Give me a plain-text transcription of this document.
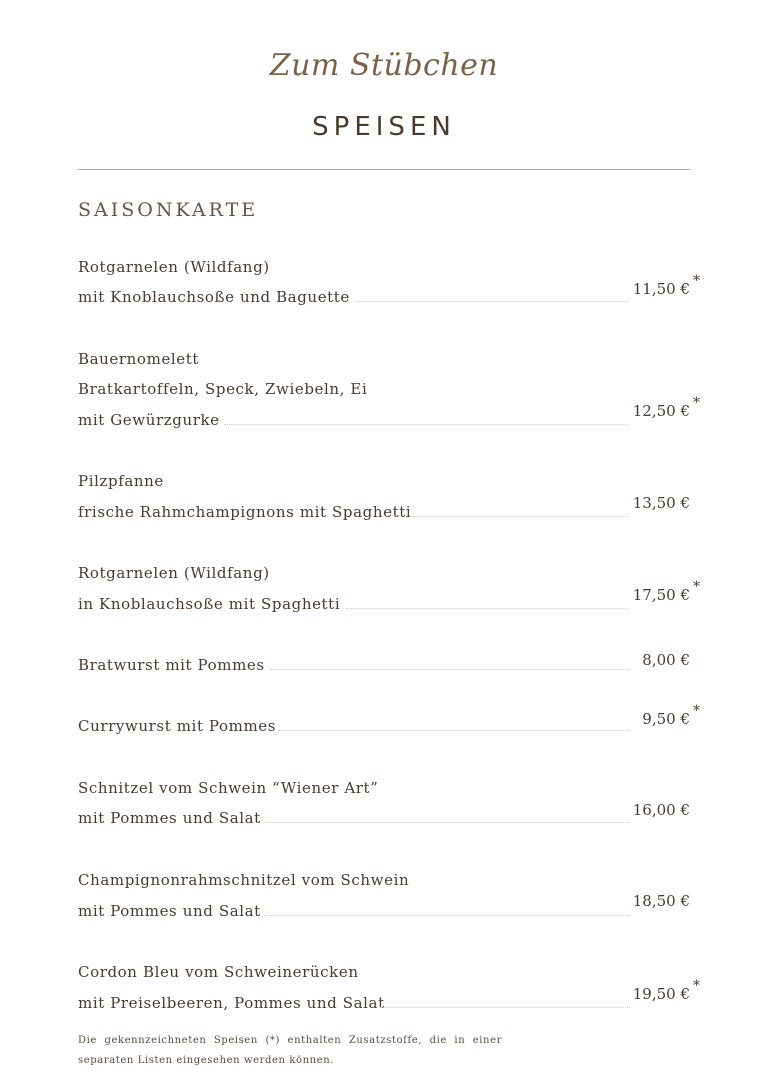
Zum Stübchen
SPEISEN
SAISONKARTE
Rotgarnelen (Wildfang)
mit Knoblauchsoße und Baguette	11,50 € *
Bauernomelett
Bratkartoffeln, Speck, Zwiebeln, Ei
mit Gewürzgurke	12,50 € *
Pilzpfanne
frische Rahmchampignons mit Spaghetti	13,50 €
Rotgarnelen (Wildfang)
in Knoblauchsoße mit Spaghetti	17,50 € *
Bratwurst mit Pommes	8,00 €
Currywurst mit Pommes	9,50 € *
Schnitzel vom Schwein “Wiener Art”
mit Pommes und Salat	16,00 €
Champignonrahmschnitzel vom Schwein
mit Pommes und Salat
18,50 €
Cordon Bleu vom Schweinerücken
mit Preiselbeeren, Pommes und Salat	19,50 € *
Die gekennzeichneten Speisen (*) enthalten Zusatzstoffe, die in einer separaten Listen eingesehen werden können.
